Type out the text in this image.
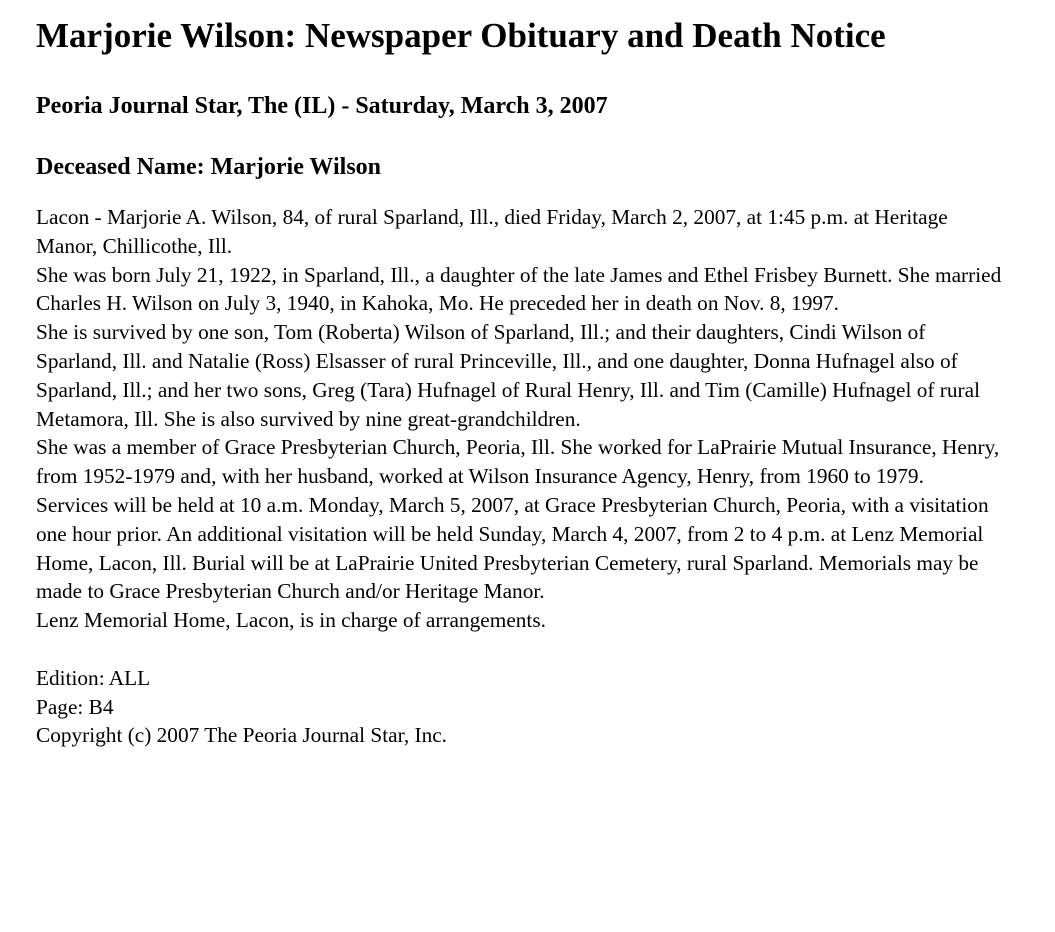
Marjorie Wilson: Newspaper Obituary and Death Notice
Peoria Journal Star, The (IL) - Saturday, March 3, 2007
Deceased Name: Marjorie Wilson

Lacon - Marjorie A. Wilson, 84, of rural Sparland, Ill., died Friday, March 2, 2007, at 1:45 p.m. at Heritage Manor, Chillicothe, Ill.

She was born July 21, 1922, in Sparland, Ill., a daughter of the late James and Ethel Frisbey Burnett. She married Charles H. Wilson on July 3, 1940, in Kahoka, Mo. He preceded her in death on Nov. 8, 1997.

She is survived by one son, Tom (Roberta) Wilson of Sparland, Ill.; and their daughters, Cindi Wilson of Sparland, Ill. and Natalie (Ross) Elsasser of rural Princeville, Ill., and one daughter, Donna Hufnagel also of Sparland, Ill.; and her two sons, Greg (Tara) Hufnagel of Rural Henry, Ill. and Tim (Camille) Hufnagel of rural Metamora, Ill. She is also survived by nine great-grandchildren.

She was a member of Grace Presbyterian Church, Peoria, Ill. She worked for LaPrairie Mutual Insurance, Henry, from 1952-1979 and, with her husband, worked at Wilson Insurance Agency, Henry, from 1960 to 1979.

Services will be held at 10 a.m. Monday, March 5, 2007, at Grace Presbyterian Church, Peoria, with a visitation one hour prior. An additional visitation will be held Sunday, March 4, 2007, from 2 to 4 p.m. at Lenz Memorial Home, Lacon, Ill. Burial will be at LaPrairie United Presbyterian Cemetery, rural Sparland. Memorials may be made to Grace Presbyterian Church and/or Heritage Manor.

Lenz Memorial Home, Lacon, is in charge of arrangements.

Edition: ALL

Page: B4

Copyright (c) 2007 The Peoria Journal Star, Inc.
